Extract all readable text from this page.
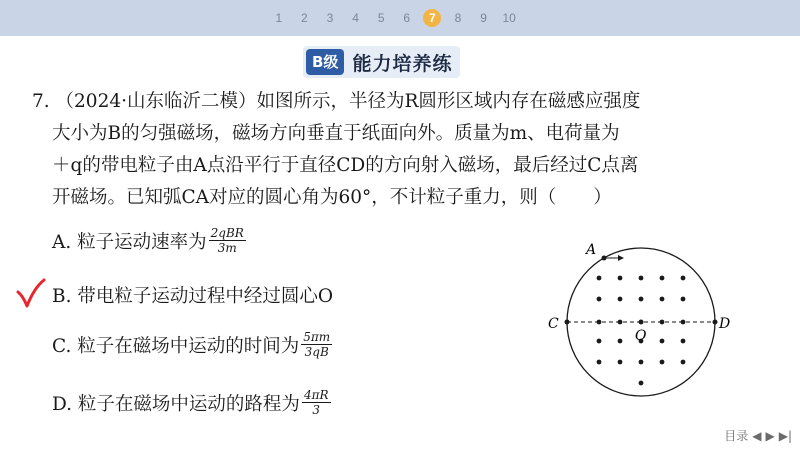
1	2	3	4	5	6	7	8	9	10
B级 能力培养练
7. （2024·山东临沂二模）如图所示，半径为R圆形区域内存在磁感应强度
大小为B的匀强磁场，磁场方向垂直于纸面向外。质量为m、电荷量为
＋q的带电粒子由A点沿平行于直径CD的方向射入磁场，最后经过C点离
开磁场。已知弧CA对应的圆心角为60°，不计粒子重力，则（　　）
A. 粒子运动速率为 $\frac{\text{2qBR}}{3m}$
B. 带电粒子运动过程中经过圆心O
C. 粒子在磁场中运动的时间为 $\frac{5\pi m}{3qB}$
D. 粒子在磁场中运动的路程为 $\frac{4\pi R}{3}$
A
C	D
O
目录 ◀ ▶ ▶|
